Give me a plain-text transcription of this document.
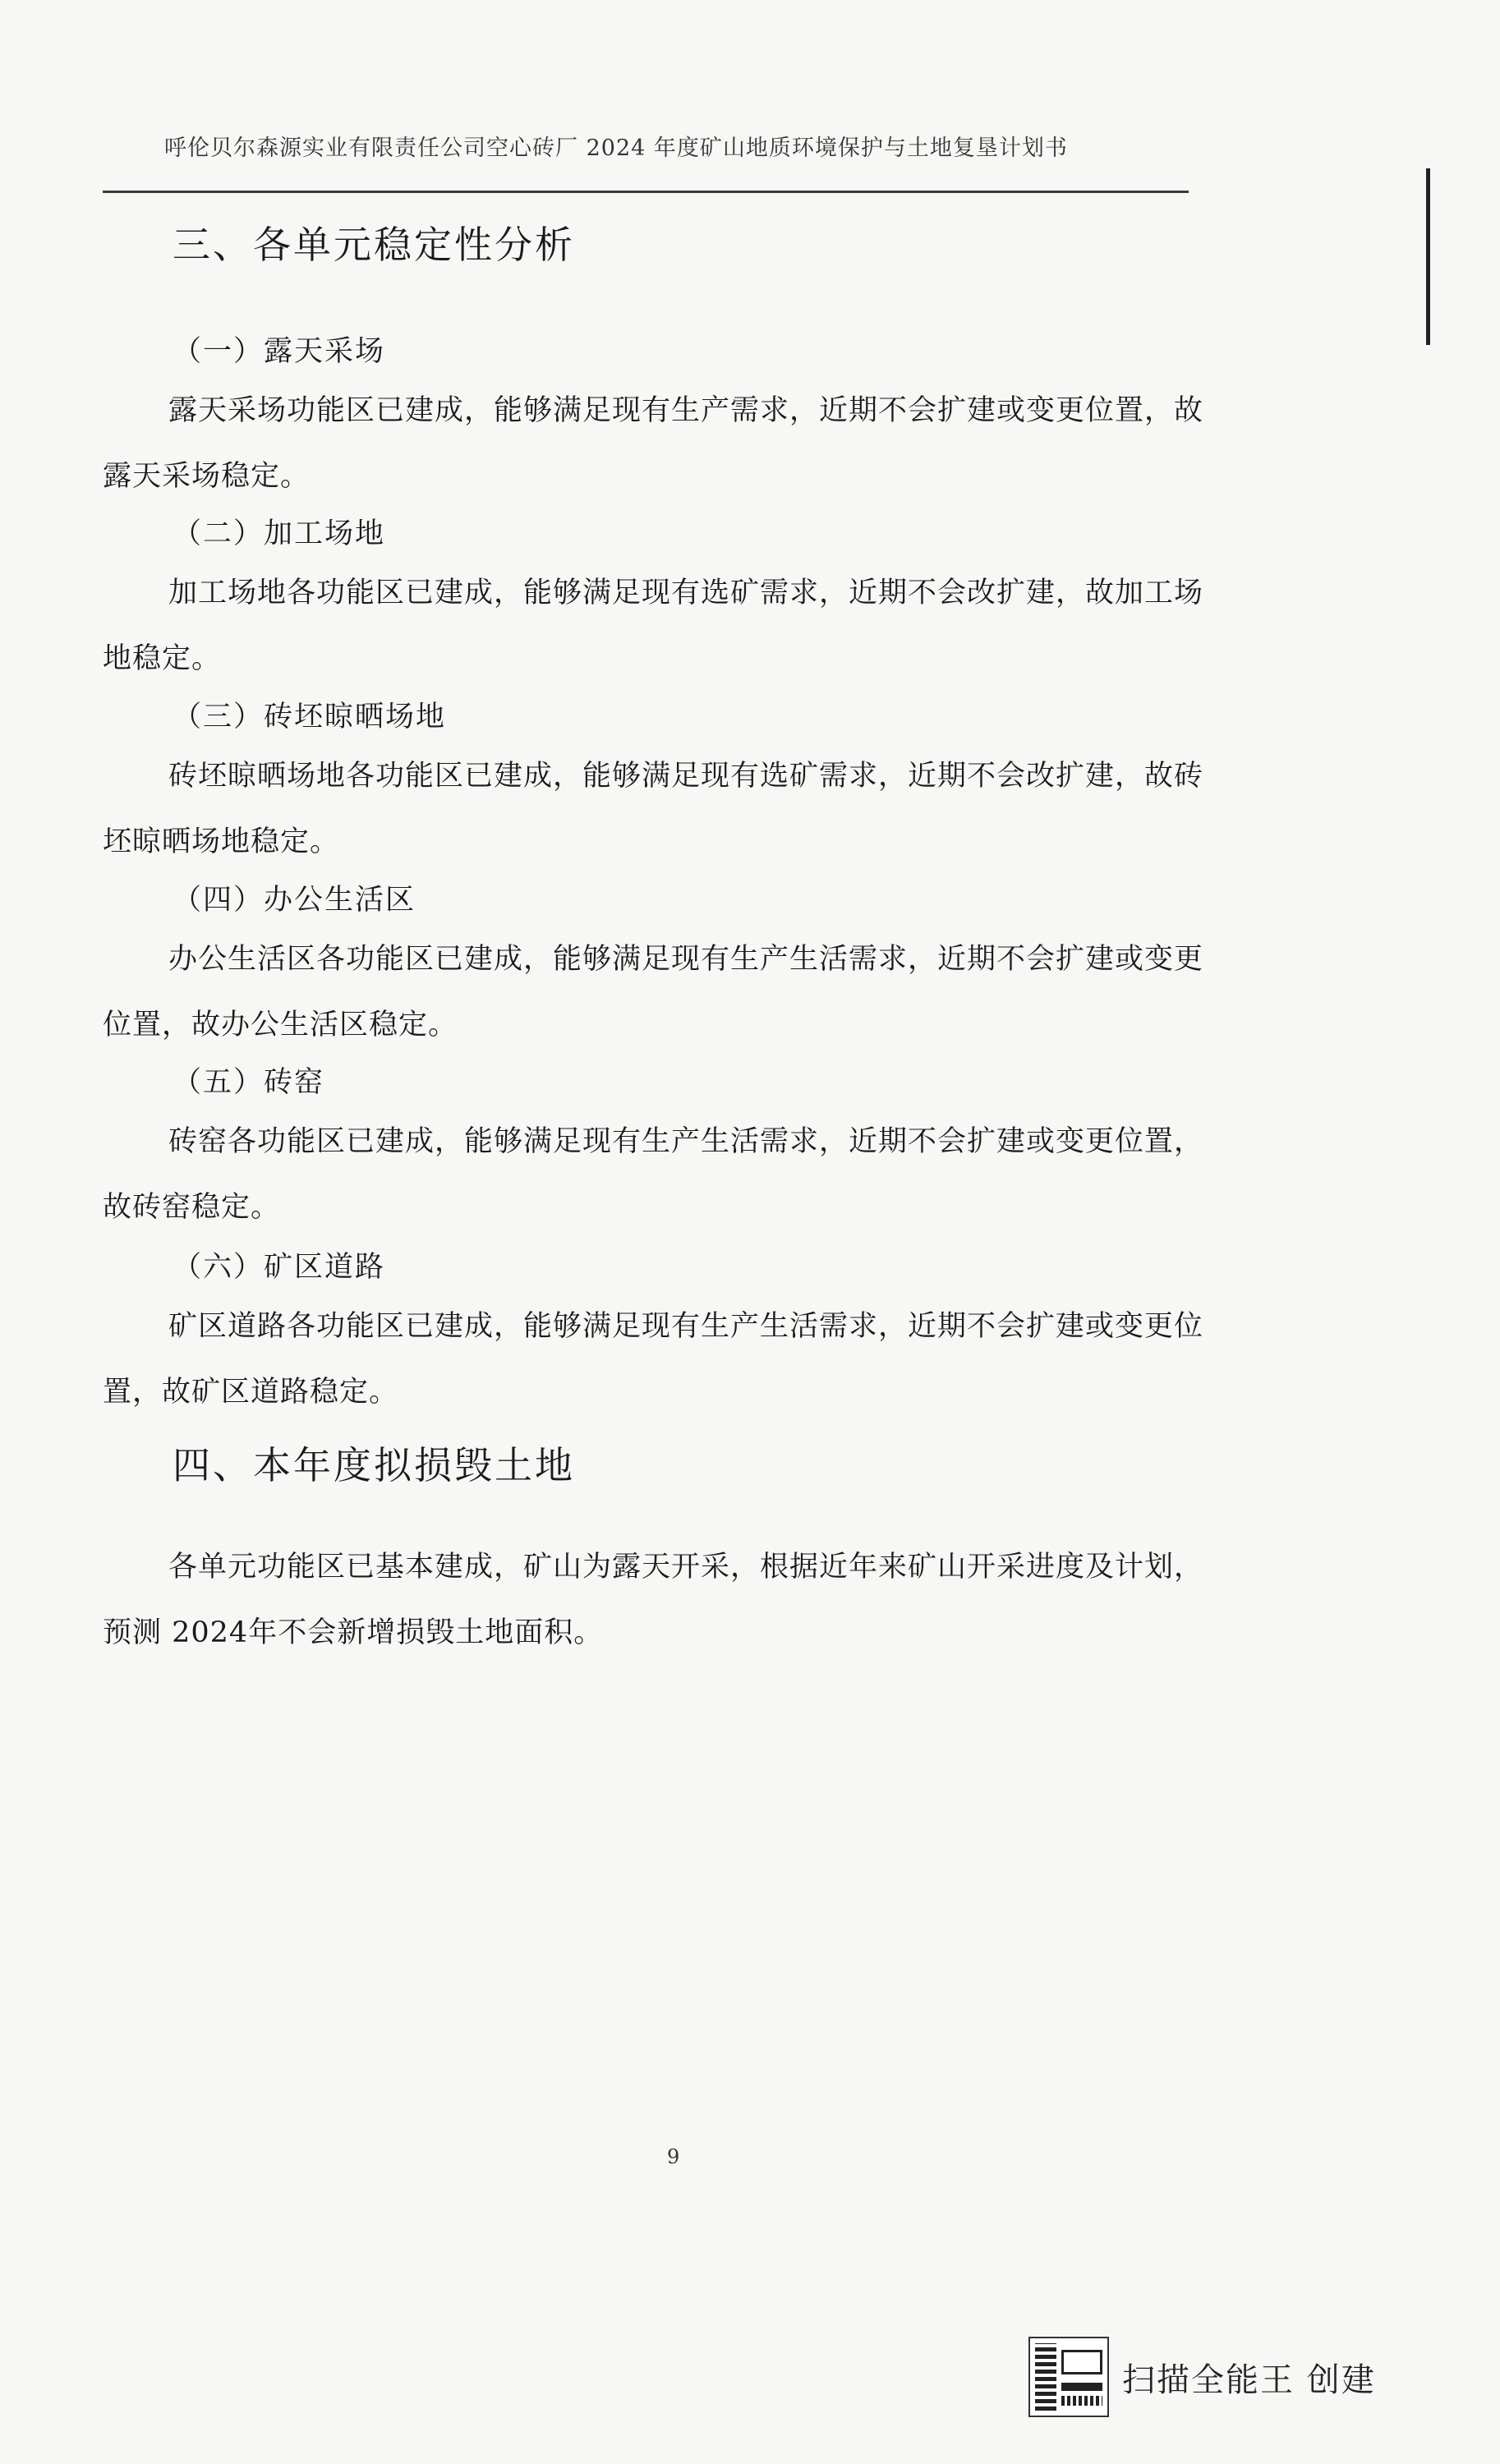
呼伦贝尔森源实业有限责任公司空心砖厂 2024 年度矿山地质环境保护与土地复垦计划书
三、各单元稳定性分析
（一）露天采场

露天采场功能区已建成，能够满足现有生产需求，近期不会扩建或变更位置，故露天采场稳定。

（二）加工场地

加工场地各功能区已建成，能够满足现有选矿需求，近期不会改扩建，故加工场地稳定。

（三）砖坯晾晒场地

砖坯晾晒场地各功能区已建成，能够满足现有选矿需求，近期不会改扩建，故砖坯晾晒场地稳定。

（四）办公生活区

办公生活区各功能区已建成，能够满足现有生产生活需求，近期不会扩建或变更位置，故办公生活区稳定。

（五）砖窑

砖窑各功能区已建成，能够满足现有生产生活需求，近期不会扩建或变更位置，故砖窑稳定。

（六）矿区道路

矿区道路各功能区已建成，能够满足现有生产生活需求，近期不会扩建或变更位置，故矿区道路稳定。

四、本年度拟损毁土地

各单元功能区已基本建成，矿山为露天开采，根据近年来矿山开采进度及计划，预测 2024年不会新增损毁土地面积。

9
扫描全能王 创建
